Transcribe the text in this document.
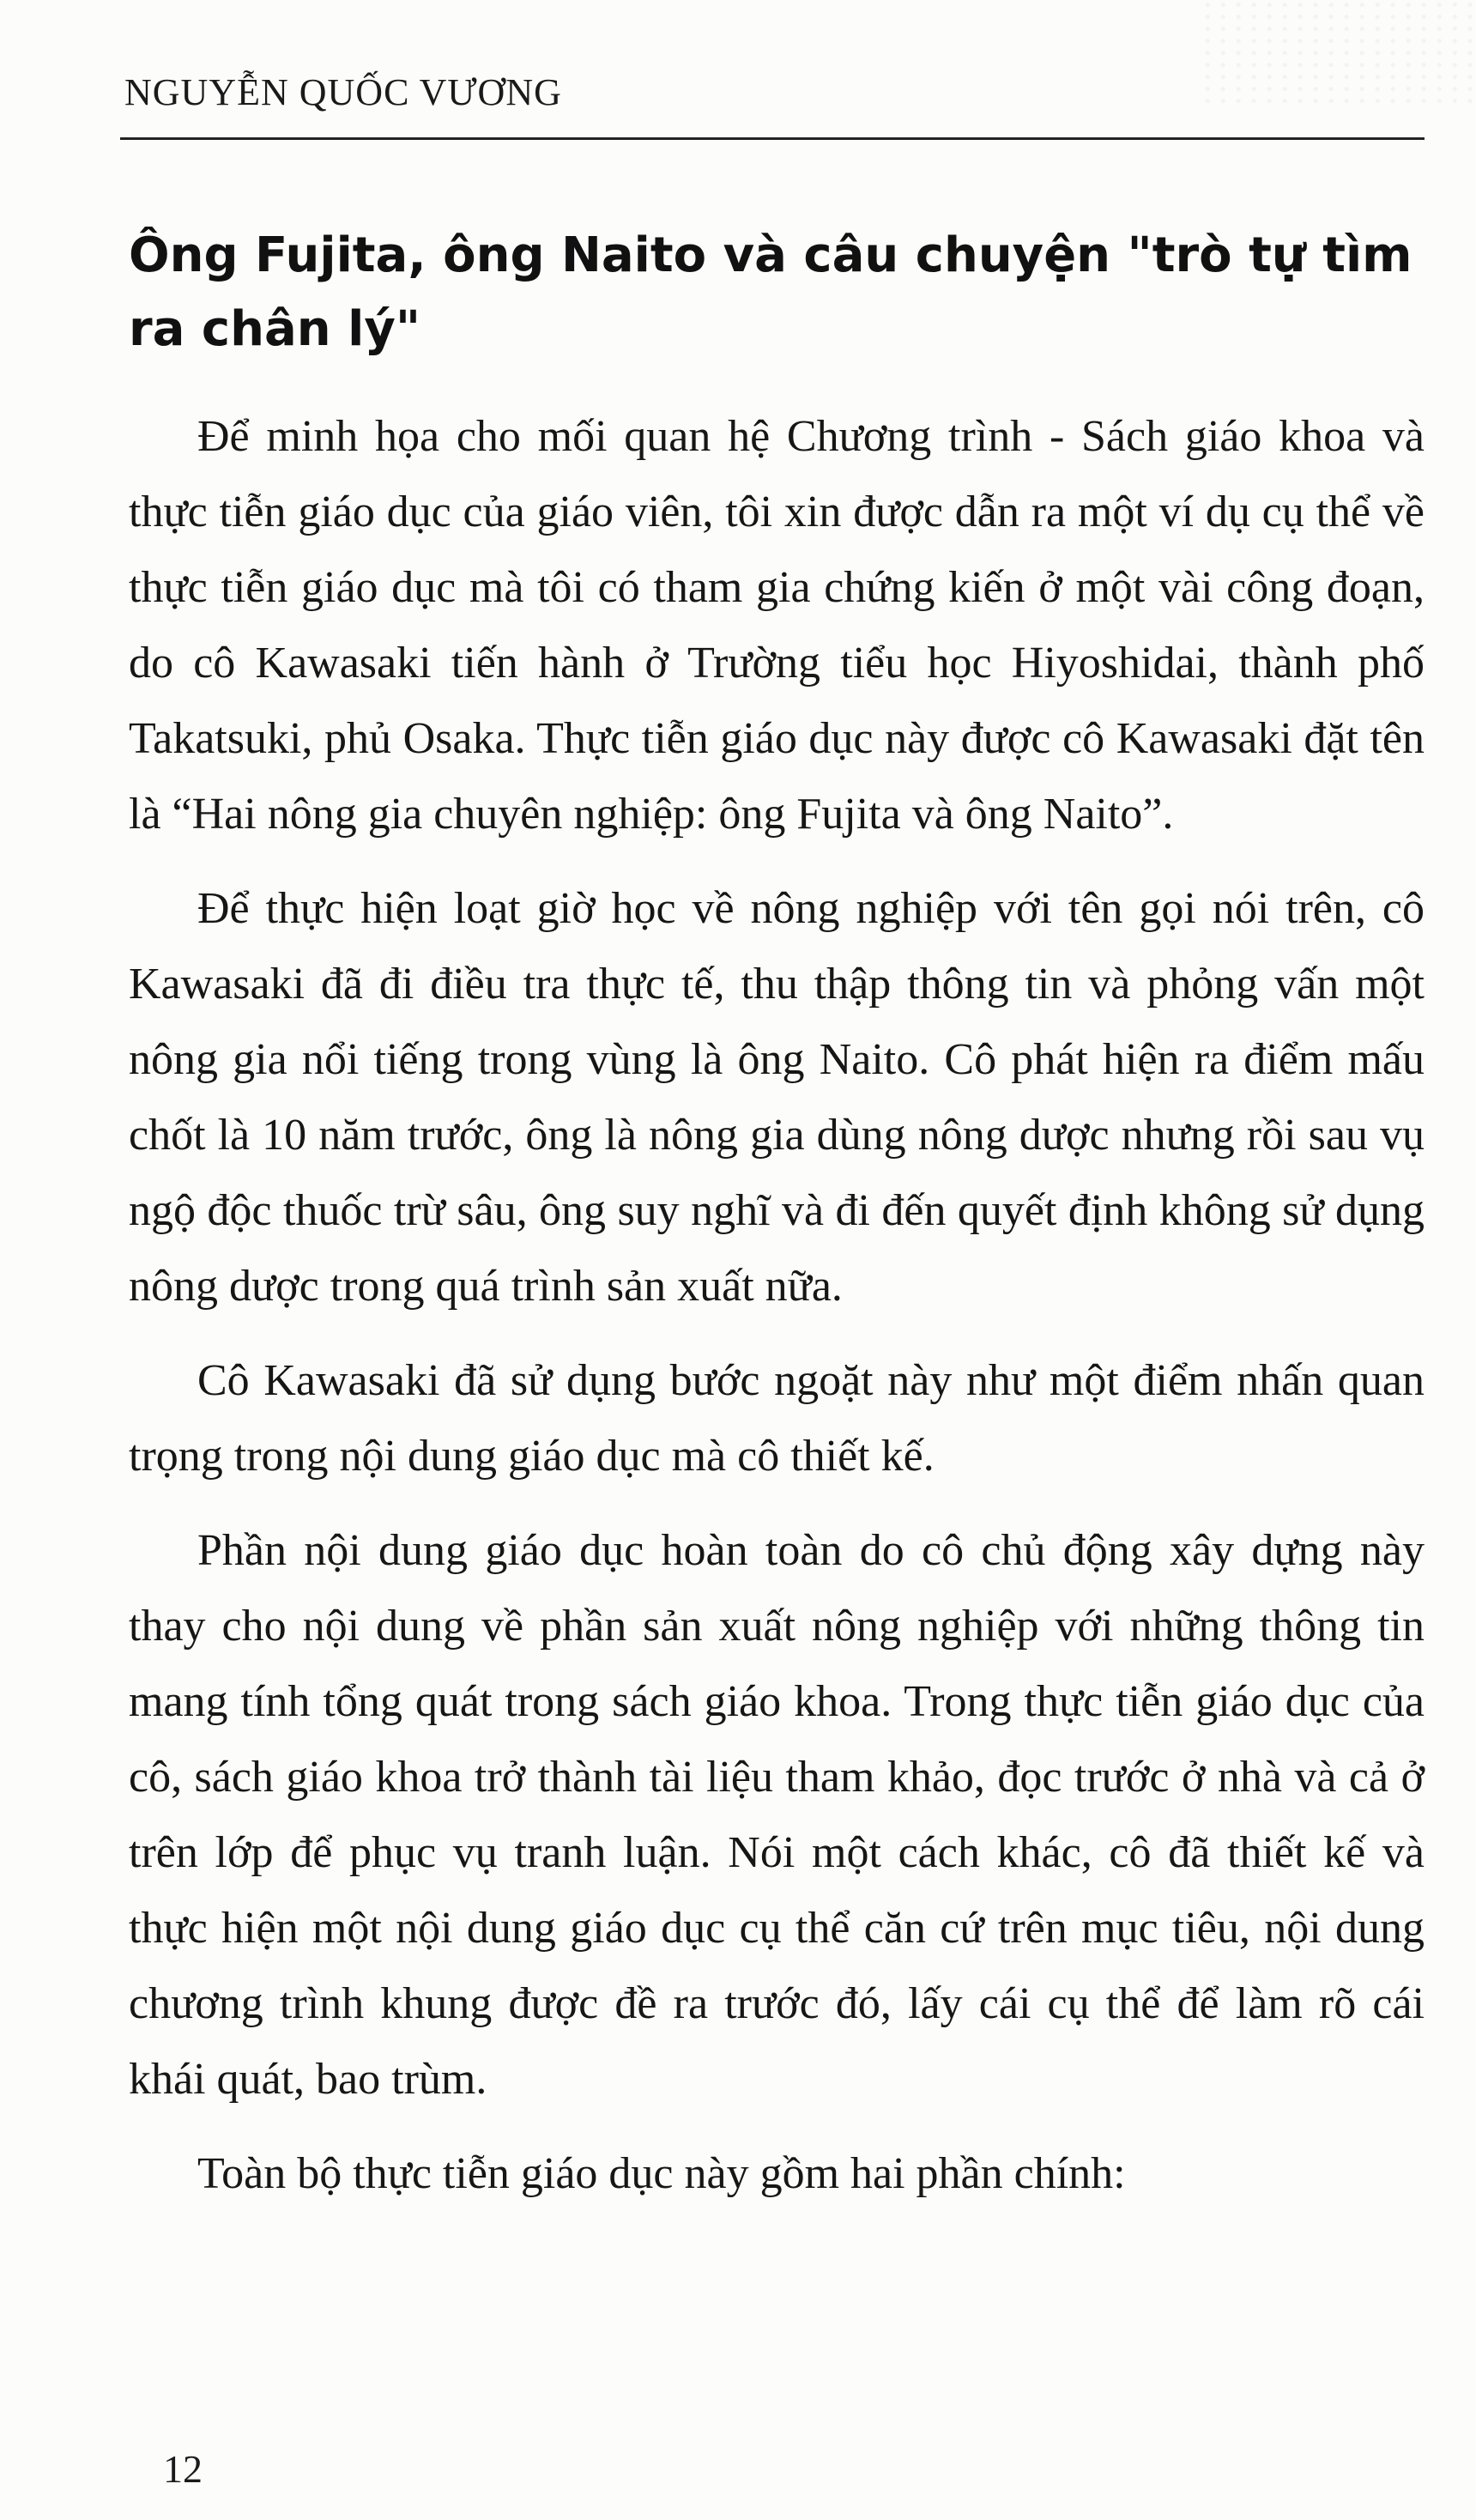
NGUYỄN QUỐC VƯƠNG
Ông Fujita, ông Naito và câu chuyện "trò tự tìm ra chân lý"

Để minh họa cho mối quan hệ Chương trình - Sách giáo khoa và thực tiễn giáo dục của giáo viên, tôi xin được dẫn ra một ví dụ cụ thể về thực tiễn giáo dục mà tôi có tham gia chứng kiến ở một vài công đoạn, do cô Kawasaki tiến hành ở Trường tiểu học Hiyoshidai, thành phố Takatsuki, phủ Osaka. Thực tiễn giáo dục này được cô Kawasaki đặt tên là “Hai nông gia chuyên nghiệp: ông Fujita và ông Naito”.

Để thực hiện loạt giờ học về nông nghiệp với tên gọi nói trên, cô Kawasaki đã đi điều tra thực tế, thu thập thông tin và phỏng vấn một nông gia nổi tiếng trong vùng là ông Naito. Cô phát hiện ra điểm mấu chốt là 10 năm trước, ông là nông gia dùng nông dược nhưng rồi sau vụ ngộ độc thuốc trừ sâu, ông suy nghĩ và đi đến quyết định không sử dụng nông dược trong quá trình sản xuất nữa.

Cô Kawasaki đã sử dụng bước ngoặt này như một điểm nhấn quan trọng trong nội dung giáo dục mà cô thiết kế.

Phần nội dung giáo dục hoàn toàn do cô chủ động xây dựng này thay cho nội dung về phần sản xuất nông nghiệp với những thông tin mang tính tổng quát trong sách giáo khoa. Trong thực tiễn giáo dục của cô, sách giáo khoa trở thành tài liệu tham khảo, đọc trước ở nhà và cả ở trên lớp để phục vụ tranh luận. Nói một cách khác, cô đã thiết kế và thực hiện một nội dung giáo dục cụ thể căn cứ trên mục tiêu, nội dung chương trình khung được đề ra trước đó, lấy cái cụ thể để làm rõ cái khái quát, bao trùm.

Toàn bộ thực tiễn giáo dục này gồm hai phần chính:

12
